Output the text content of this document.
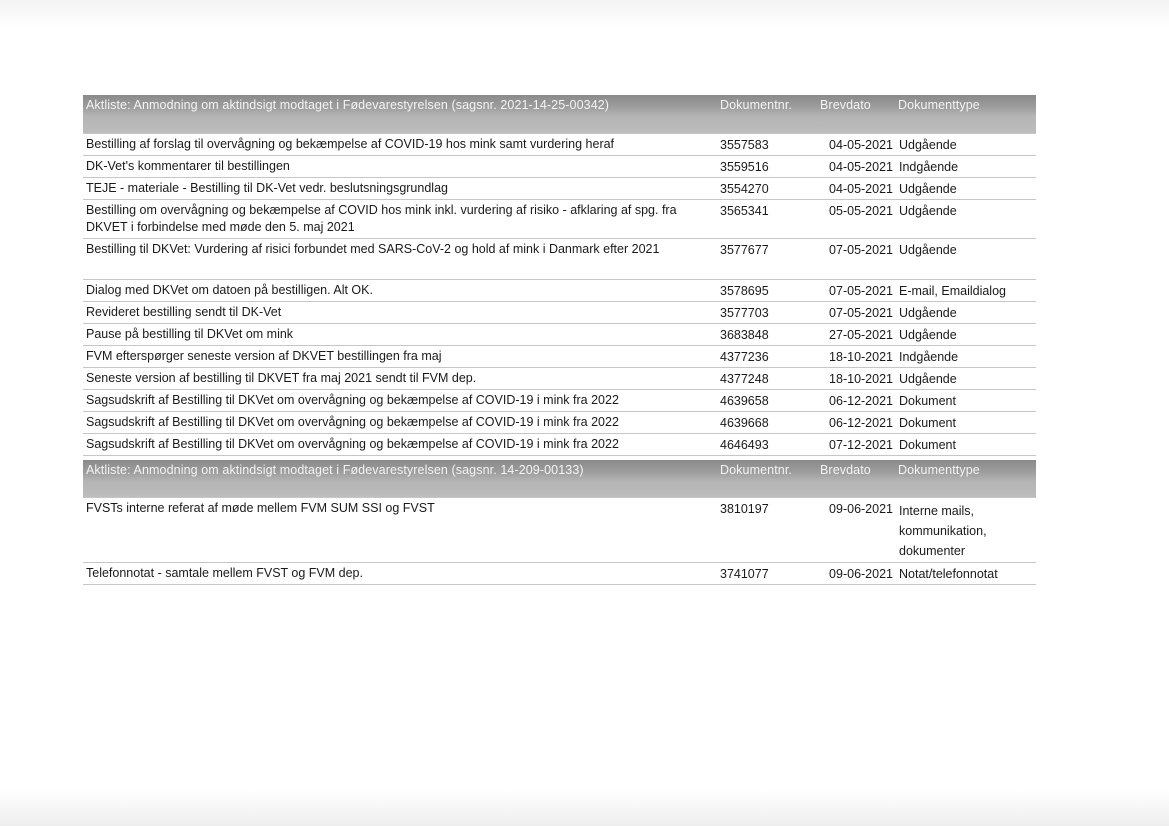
Aktliste: Anmodning om aktindsigt modtaget i Fødevarestyrelsen (sagsnr. 2021-14-25-00342)	Dokumentnr.	Brevdato	Dokumenttype

Bestilling af forslag til overvågning og bekæmpelse af COVID-19 hos mink samt vurdering heraf	3557583	04-05-2021	Udgående
DK-Vet's kommentarer til bestillingen	3559516	04-05-2021	Indgående
TEJE - materiale - Bestilling til DK-Vet vedr. beslutsningsgrundlag	3554270	04-05-2021	Udgående
Bestilling om overvågning og bekæmpelse af COVID hos mink inkl. vurdering af risiko - afklaring af spg. fra DKVET i forbindelse med møde den 5. maj 2021	3565341	05-05-2021	Udgående
Bestilling til DKVet: Vurdering af risici forbundet med SARS-CoV-2 og hold af mink i Danmark efter 2021	3577677	07-05-2021	Udgående
Dialog med DKVet om datoen på bestilligen. Alt OK.	3578695	07-05-2021	E-mail, Emaildialog
Revideret bestilling sendt til DK-Vet	3577703	07-05-2021	Udgående
Pause på bestilling til DKVet om mink	3683848	27-05-2021	Udgående
FVM efterspørger seneste version af DKVET bestillingen fra maj	4377236	18-10-2021	Indgående
Seneste version af bestilling til DKVET fra maj 2021 sendt til FVM dep.	4377248	18-10-2021	Udgående
Sagsudskrift af Bestilling til DKVet om overvågning og bekæmpelse af COVID-19 i mink fra 2022	4639658	06-12-2021	Dokument
Sagsudskrift af Bestilling til DKVet om overvågning og bekæmpelse af COVID-19 i mink fra 2022	4639668	06-12-2021	Dokument
Sagsudskrift af Bestilling til DKVet om overvågning og bekæmpelse af COVID-19 i mink fra 2022	4646493	07-12-2021	Dokument
Aktliste: Anmodning om aktindsigt modtaget i Fødevarestyrelsen (sagsnr. 14-209-00133)	Dokumentnr.	Brevdato	Dokumenttype

FVSTs interne referat af møde mellem FVM SUM SSI og FVST	3810197	09-06-2021	Interne mails, kommunikation, dokumenter
Telefonnotat - samtale mellem FVST og FVM dep.	3741077	09-06-2021	Notat/telefonnotat
